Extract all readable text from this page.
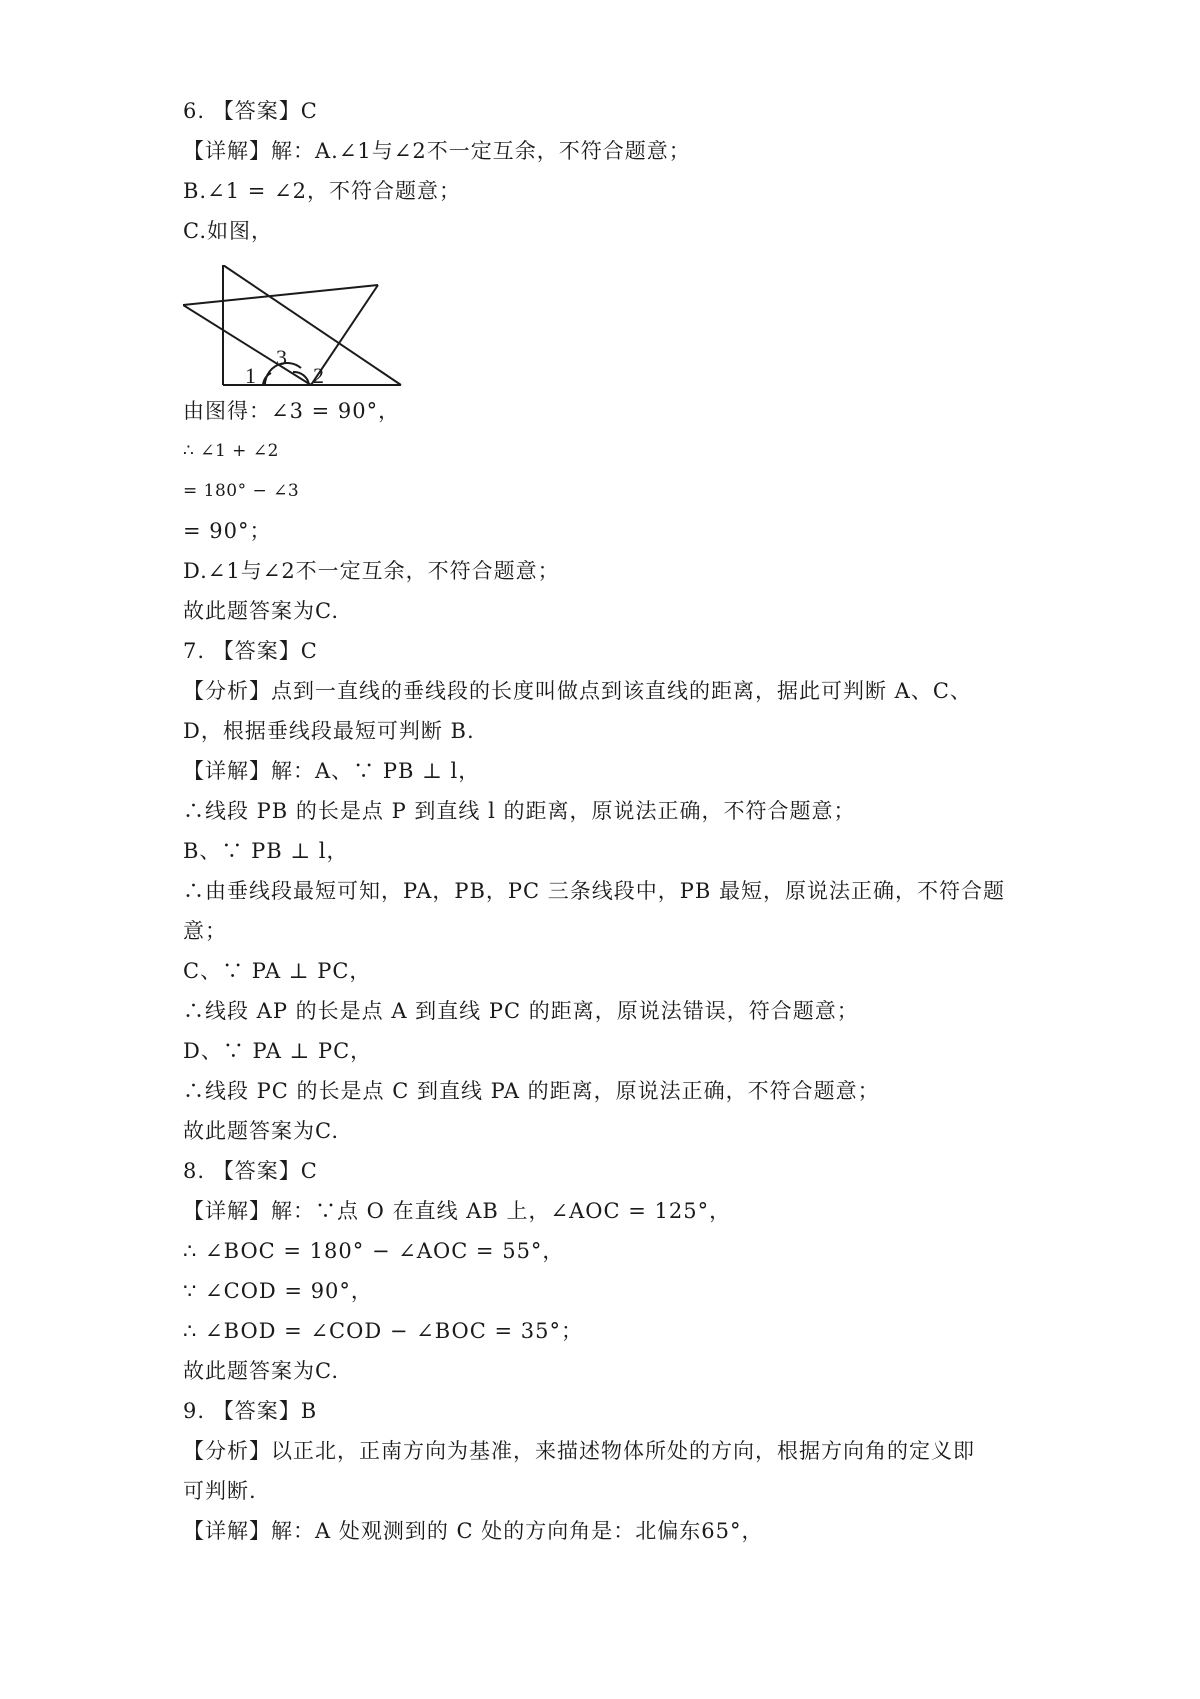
6. 【答案】C
【详解】解：A.∠1与∠2不一定互余，不符合题意；
B.∠1 = ∠2，不符合题意；
C.如图，
1
3
2
由图得：∠3 = 90°，
∴ ∠1 + ∠2
= 180° − ∠3
= 90°；
D.∠1与∠2不一定互余，不符合题意；
故此题答案为C.
7. 【答案】C
【分析】点到一直线的垂线段的长度叫做点到该直线的距离，据此可判断 A、C、
D，根据垂线段最短可判断 B.
【详解】解：A、∵ PB ⊥ l，
∴线段 PB 的长是点 P 到直线 l 的距离，原说法正确，不符合题意；
B、∵ PB ⊥ l，
∴由垂线段最短可知，PA，PB，PC 三条线段中，PB 最短，原说法正确，不符合题
意；
C、∵ PA ⊥ PC，
∴线段 AP 的长是点 A 到直线 PC 的距离，原说法错误，符合题意；
D、∵ PA ⊥ PC，
∴线段 PC 的长是点 C 到直线 PA 的距离，原说法正确，不符合题意；
故此题答案为C.
8. 【答案】C
【详解】解：∵点 O 在直线 AB 上，∠AOC = 125°，
∴ ∠BOC = 180° − ∠AOC = 55°，
∵ ∠COD = 90°，
∴ ∠BOD = ∠COD − ∠BOC = 35°；
故此题答案为C.
9. 【答案】B
【分析】以正北，正南方向为基准，来描述物体所处的方向，根据方向角的定义即
可判断.
【详解】解：A 处观测到的 C 处的方向角是：北偏东65°，
